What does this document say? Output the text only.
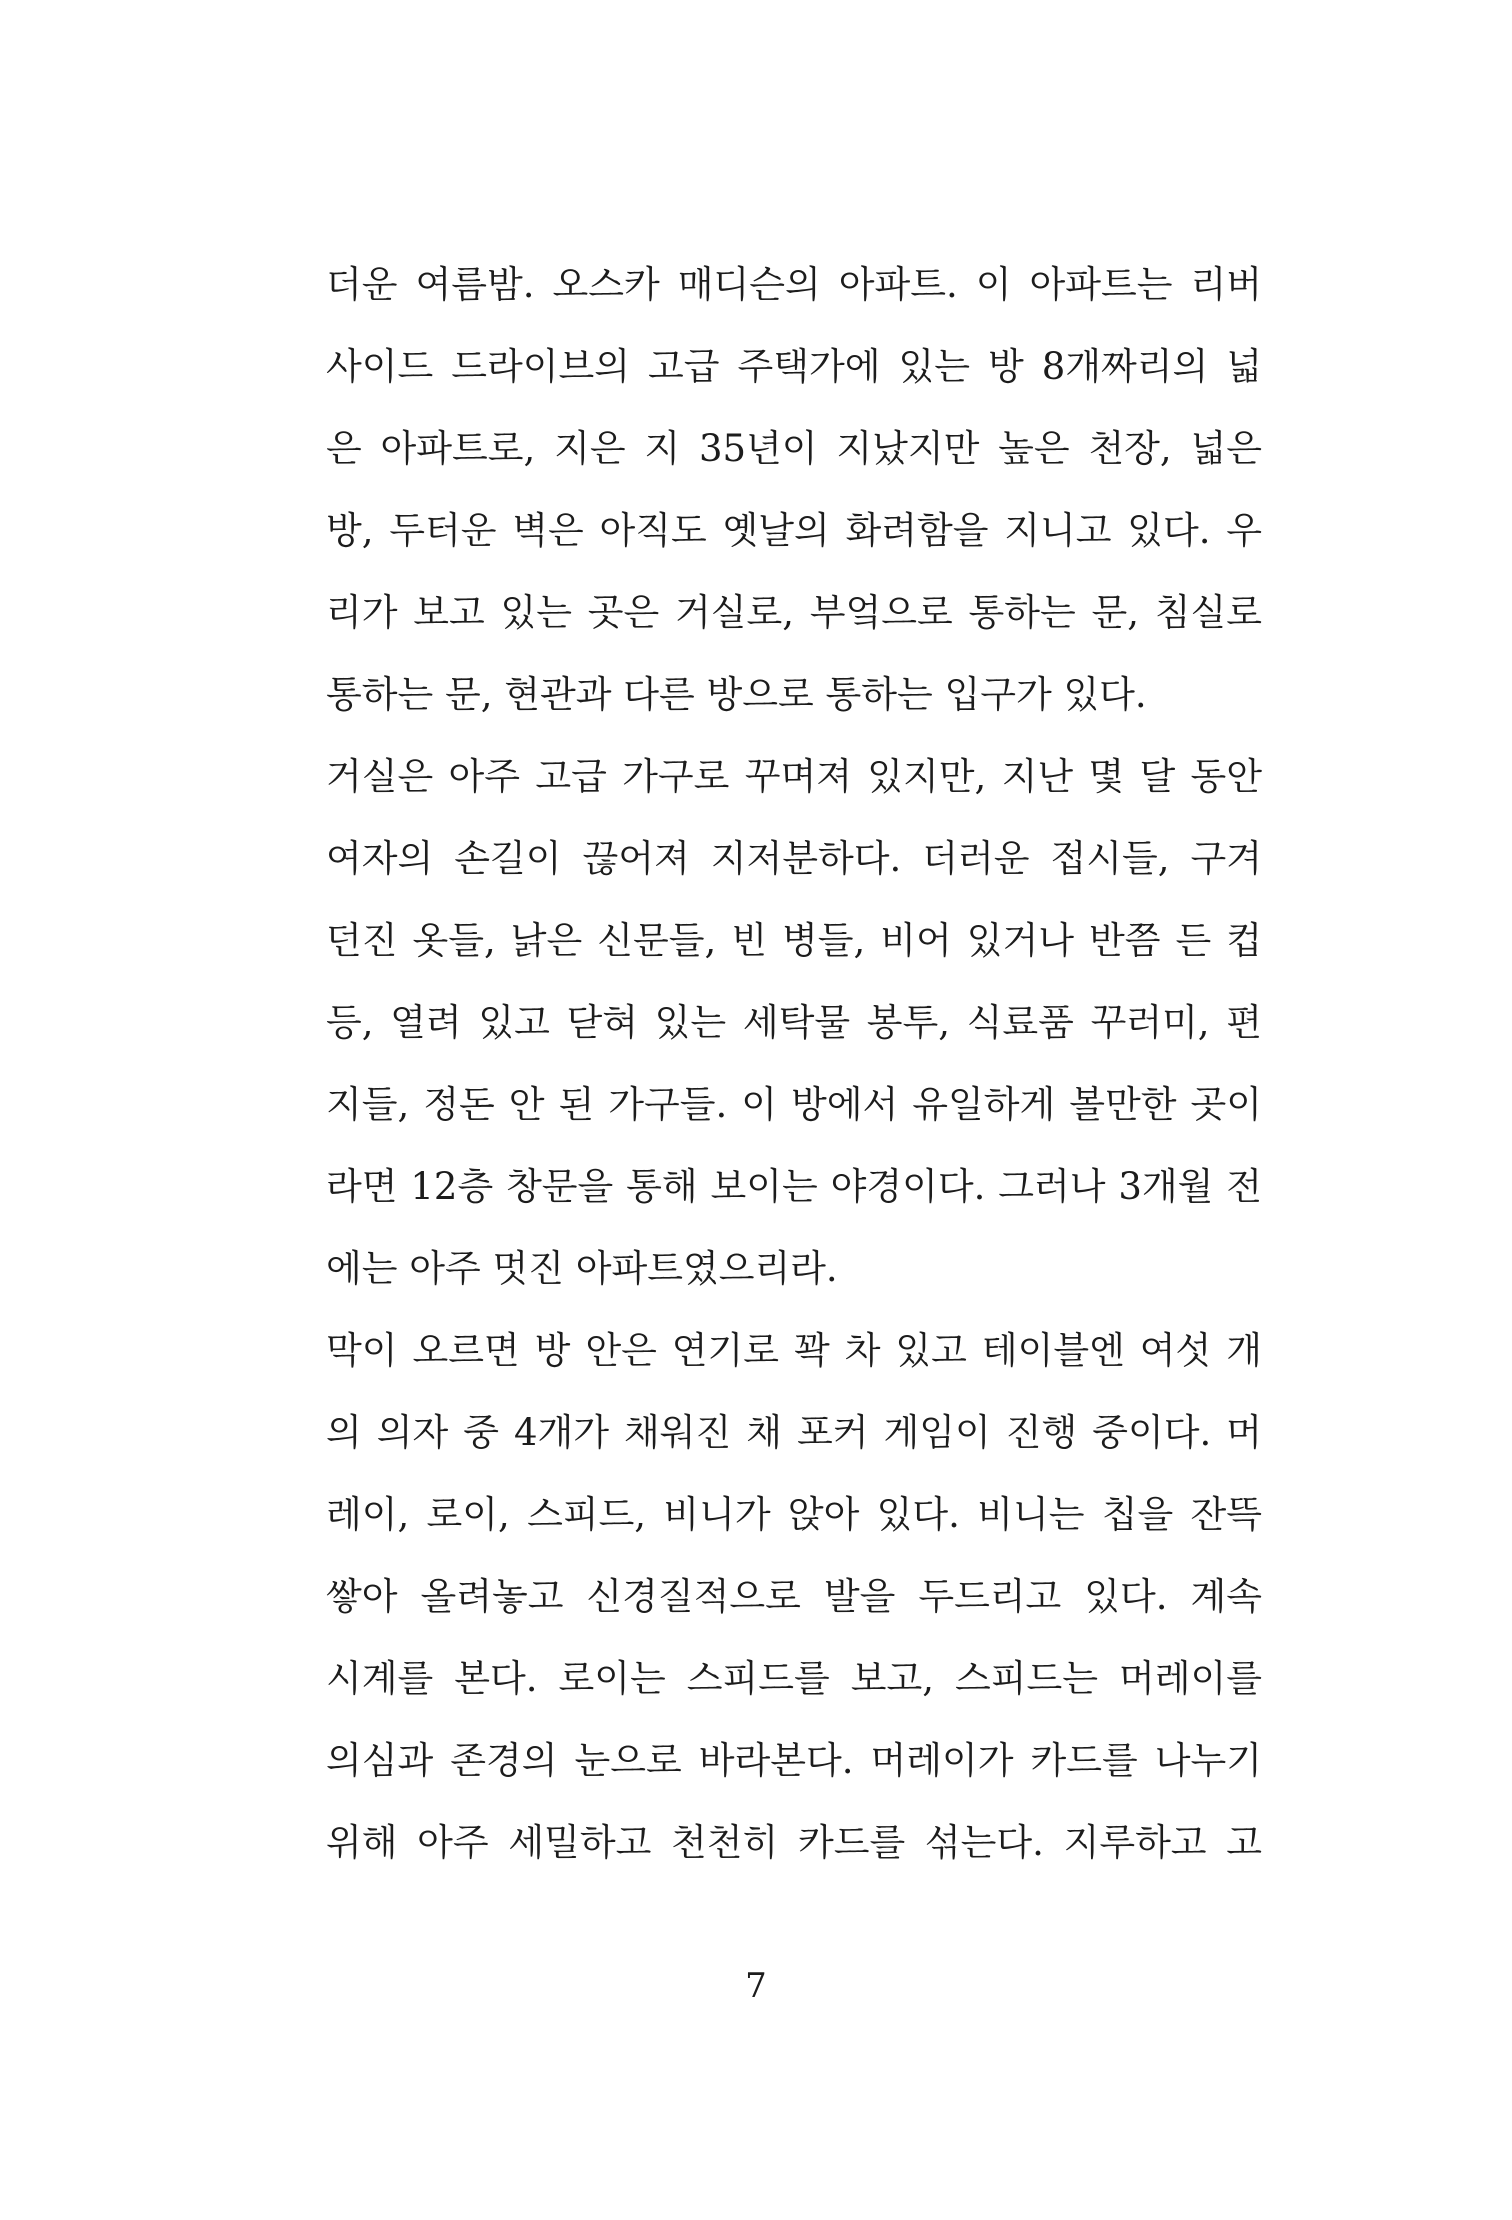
더운 여름밤. 오스카 매디슨의 아파트. 이 아파트는 리버
사이드 드라이브의 고급 주택가에 있는 방 8개짜리의 넓
은 아파트로, 지은 지 35년이 지났지만 높은 천장, 넓은
방, 두터운 벽은 아직도 옛날의 화려함을 지니고 있다. 우
리가 보고 있는 곳은 거실로, 부엌으로 통하는 문, 침실로
통하는 문, 현관과 다른 방으로 통하는 입구가 있다.
거실은 아주 고급 가구로 꾸며져 있지만, 지난 몇 달 동안
여자의 손길이 끊어져 지저분하다. 더러운 접시들, 구겨
던진 옷들, 낡은 신문들, 빈 병들, 비어 있거나 반쯤 든 컵
등, 열려 있고 닫혀 있는 세탁물 봉투, 식료품 꾸러미, 편
지들, 정돈 안 된 가구들. 이 방에서 유일하게 볼만한 곳이
라면 12층 창문을 통해 보이는 야경이다. 그러나 3개월 전
에는 아주 멋진 아파트였으리라.
막이 오르면 방 안은 연기로 꽉 차 있고 테이블엔 여섯 개
의 의자 중 4개가 채워진 채 포커 게임이 진행 중이다. 머
레이, 로이, 스피드, 비니가 앉아 있다. 비니는 칩을 잔뜩
쌓아 올려놓고 신경질적으로 발을 두드리고 있다. 계속
시계를 본다. 로이는 스피드를 보고, 스피드는 머레이를
의심과 존경의 눈으로 바라본다. 머레이가 카드를 나누기
위해 아주 세밀하고 천천히 카드를 섞는다. 지루하고 고
7
